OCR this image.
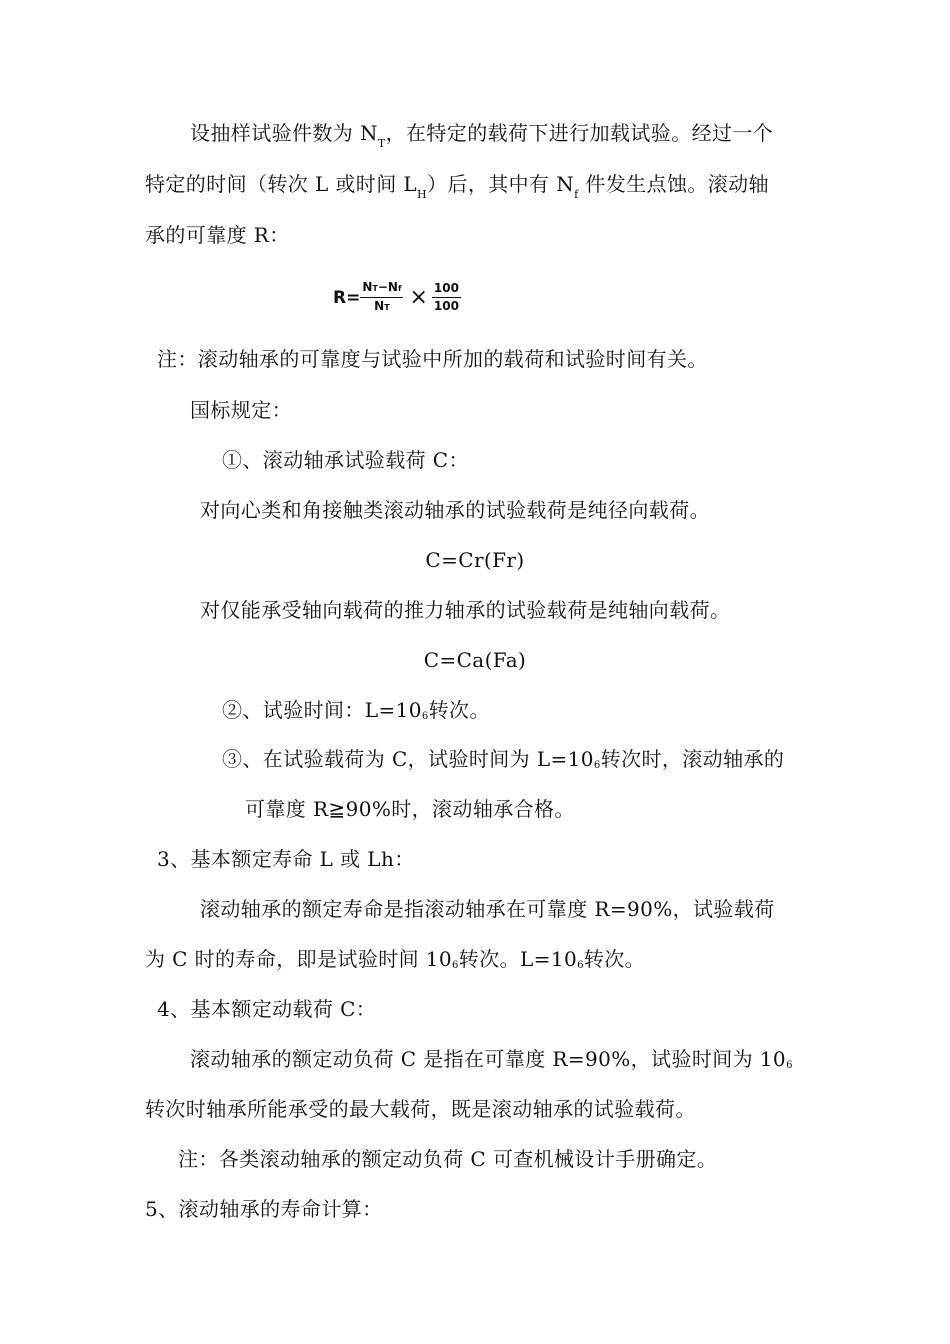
设抽样试验件数为 $N_T$，在特定的载荷下进行加载试验。经过一个
特定的时间（转次 L 或时间 $L_H$）后，其中有 $N_f$ 件发生点蚀。滚动轴
承的可靠度 R：
$R= \frac{NT-Nf}{NT} \times \frac{100}{100}$
注：滚动轴承的可靠度与试验中所加的载荷和试验时间有关。
国标规定：
①、滚动轴承试验载荷 C：
对向心类和角接触类滚动轴承的试验载荷是纯径向载荷。
C=Cr(Fr)
对仅能承受轴向载荷的推力轴承的试验载荷是纯轴向载荷。
C=Ca(Fa)
②、试验时间：L=106转次。
③、在试验载荷为 C，试验时间为 L=106转次时，滚动轴承的
可靠度 R≧90%时，滚动轴承合格。
3、基本额定寿命 L 或 Lh：
滚动轴承的额定寿命是指滚动轴承在可靠度 R=90%，试验载荷
为 C 时的寿命，即是试验时间 106转次。L=106转次。
4、基本额定动载荷 C：
滚动轴承的额定动负荷 C 是指在可靠度 R=90%，试验时间为 106
转次时轴承所能承受的最大载荷，既是滚动轴承的试验载荷。
注：各类滚动轴承的额定动负荷 C 可查机械设计手册确定。
5、滚动轴承的寿命计算：
